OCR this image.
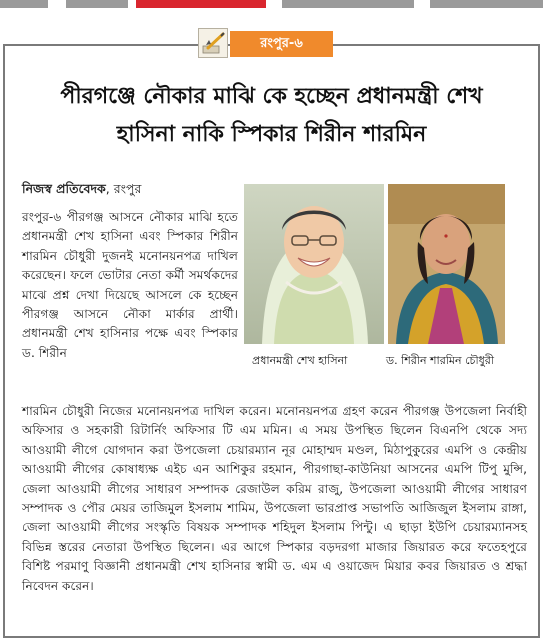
রংপুর-৬
পীরগঞ্জে নৌকার মাঝি কে হচ্ছেন প্রধানমন্ত্রী শেখ
হাসিনা নাকি স্পিকার শিরীন শারমিন
নিজস্ব প্রতিবেদক, রংপুর
প্রধানমন্ত্রী শেখ হাসিনা	ড. শিরীন শারমিন চৌধুরী

রংপুর-৬ পীরগঞ্জ আসনে নৌকার মাঝি হতে প্রধানমন্ত্রী শেখ হাসিনা এবং স্পিকার শিরীন শারমিন চৌধুরী দুজনই মনোনয়নপত্র দাখিল করেছেন। ফলে ভোটার নেতা কর্মী সমর্থকদের মাঝে প্রশ্ন দেখা দিয়েছে আসলে কে হচ্ছেন পীরগঞ্জ আসনে নৌকা মার্কার প্রার্থী। প্রধানমন্ত্রী শেখ হাসিনার পক্ষে এবং স্পিকার ড. শিরীন

শারমিন চৌধুরী নিজের মনোনয়নপত্র দাখিল করেন। মনোনয়নপত্র গ্রহণ করেন পীরগঞ্জ উপজেলা নির্বাহী অফিসার ও সহকারী রিটার্নিং অফিসার টি এম মমিন। এ সময় উপস্থিত ছিলেন বিএনপি থেকে সদ্য আওয়ামী লীগে যোগদান করা উপজেলা চেয়ারম্যান নূর মোহাম্মদ মণ্ডল, মিঠাপুকুরের এমপি ও কেন্দ্রীয় আওয়ামী লীগের কোষাধ্যক্ষ এইচ এন আশিকুর রহমান, পীরগাছা-কাউনিয়া আসনের এমপি টিপু মুন্সি, জেলা আওয়ামী লীগের সাধারণ সম্পাদক রেজাউল করিম রাজু, উপজেলা আওয়ামী লীগের সাধারণ সম্পাদক ও পৌর মেয়র তাজিমুল ইসলাম শামিম, উপজেলা ভারপ্রাপ্ত সভাপতি আজিজুল ইসলাম রাঙ্গা, জেলা আওয়ামী লীগের সংস্কৃতি বিষয়ক সম্পাদক শহিদুল ইসলাম পিন্টু। এ ছাড়া ইউপি চেয়ারম্যানসহ বিভিন্ন স্তরের নেতারা উপস্থিত ছিলেন। এর আগে স্পিকার বড়দরগা মাজার জিয়ারত করে ফতেহপুরে বিশিষ্ট পরমাণু বিজ্ঞানী প্রধানমন্ত্রী শেখ হাসিনার স্বামী ড. এম এ ওয়াজেদ মিয়ার কবর জিয়ারত ও শ্রদ্ধা নিবেদন করেন।
